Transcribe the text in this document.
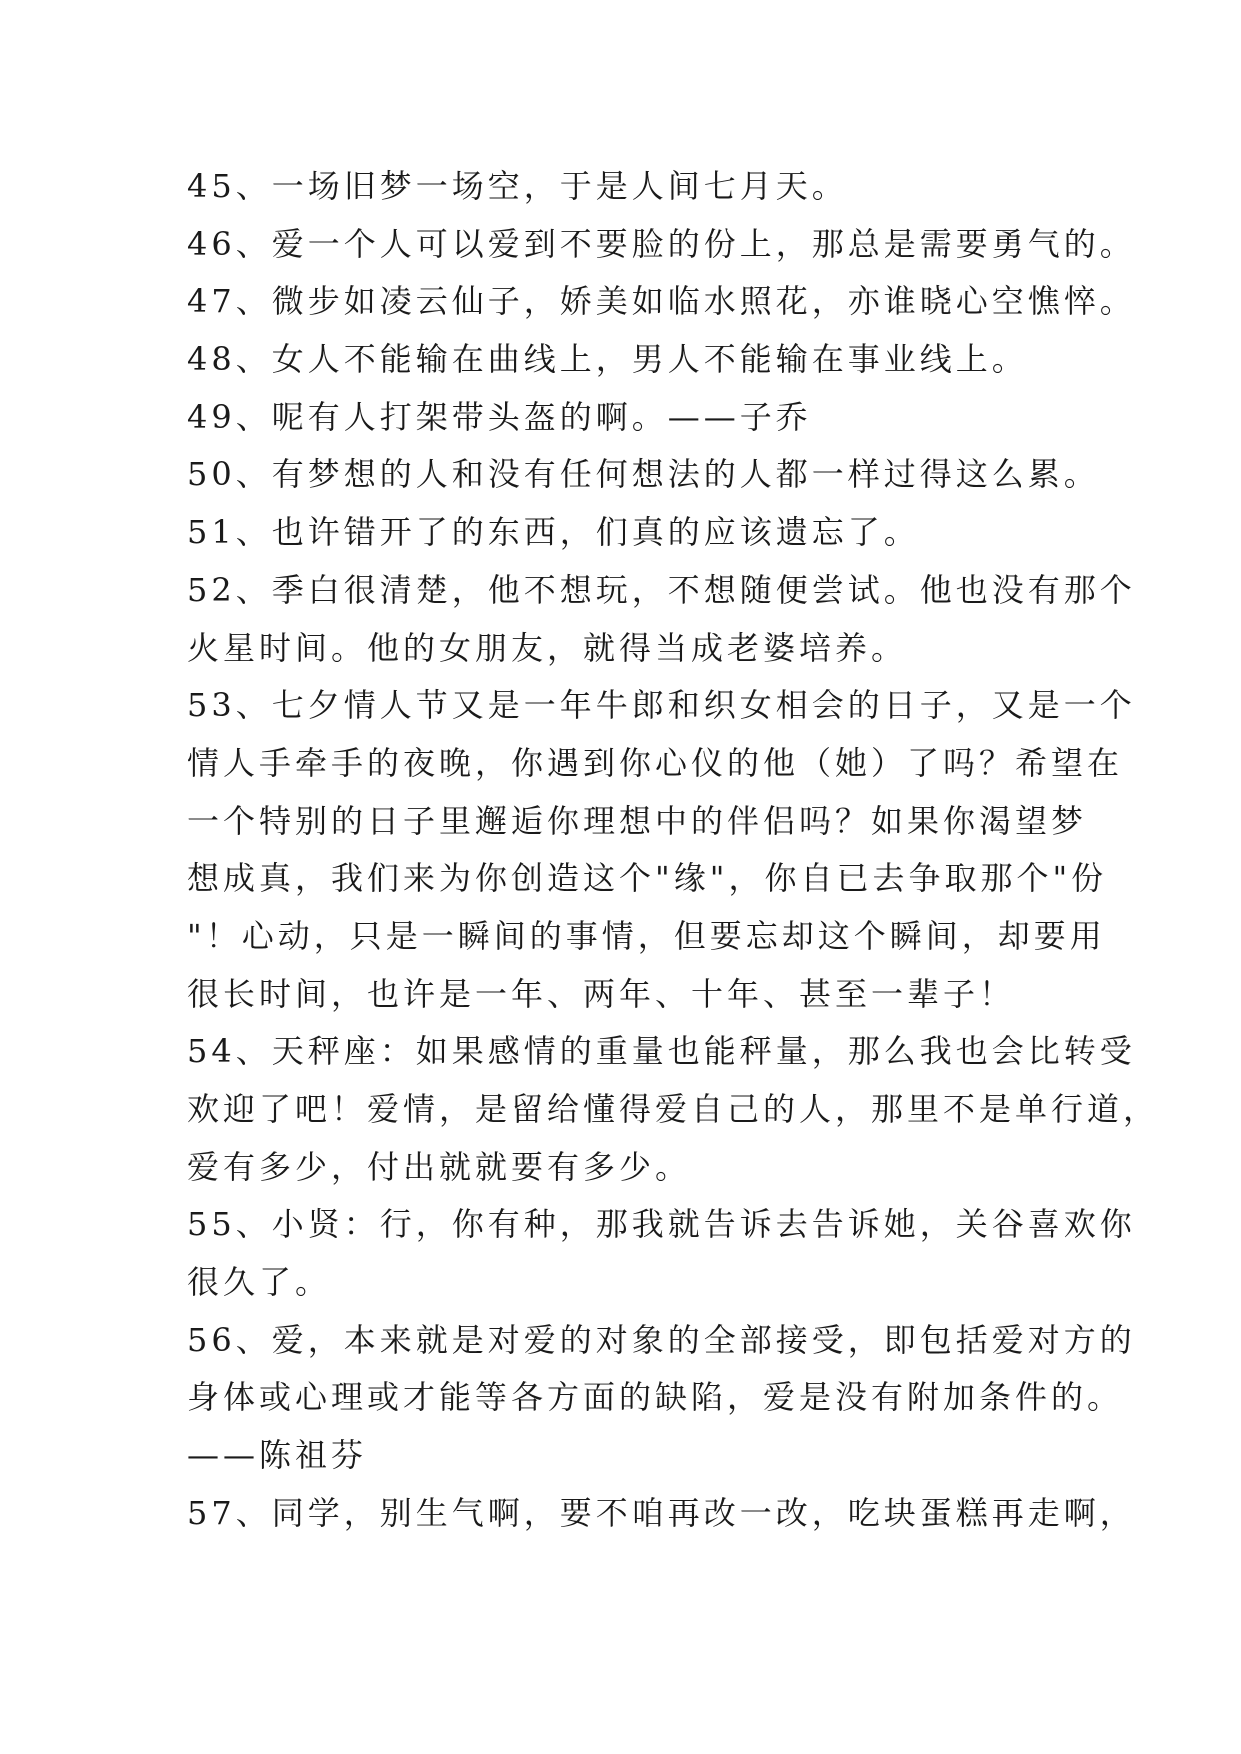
45、一场旧梦一场空，于是人间七月天。
46、爱一个人可以爱到不要脸的份上，那总是需要勇气的。
47、微步如凌云仙子，娇美如临水照花，亦谁晓心空憔悴。
48、女人不能输在曲线上，男人不能输在事业线上。
49、呢有人打架带头盔的啊。——子乔
50、有梦想的人和没有任何想法的人都一样过得这么累。
51、也许错开了的东西，们真的应该遗忘了。
52、季白很清楚，他不想玩，不想随便尝试。他也没有那个
火星时间。他的女朋友，就得当成老婆培养。
53、七夕情人节又是一年牛郎和织女相会的日子，又是一个
情人手牵手的夜晚，你遇到你心仪的他（她）了吗？希望在
一个特别的日子里邂逅你理想中的伴侣吗？如果你渴望梦
想成真，我们来为你创造这个"缘"，你自已去争取那个"份
"！心动，只是一瞬间的事情，但要忘却这个瞬间，却要用
很长时间，也许是一年、两年、十年、甚至一辈子！
54、天秤座：如果感情的重量也能秤量，那么我也会比转受
欢迎了吧！爱情，是留给懂得爱自己的人，那里不是单行道，
爱有多少，付出就就要有多少。
55、小贤：行，你有种，那我就告诉去告诉她，关谷喜欢你
很久了。
56、爱，本来就是对爱的对象的全部接受，即包括爱对方的
身体或心理或才能等各方面的缺陷，爱是没有附加条件的。
——陈祖芬
57、同学，别生气啊，要不咱再改一改，吃块蛋糕再走啊，
